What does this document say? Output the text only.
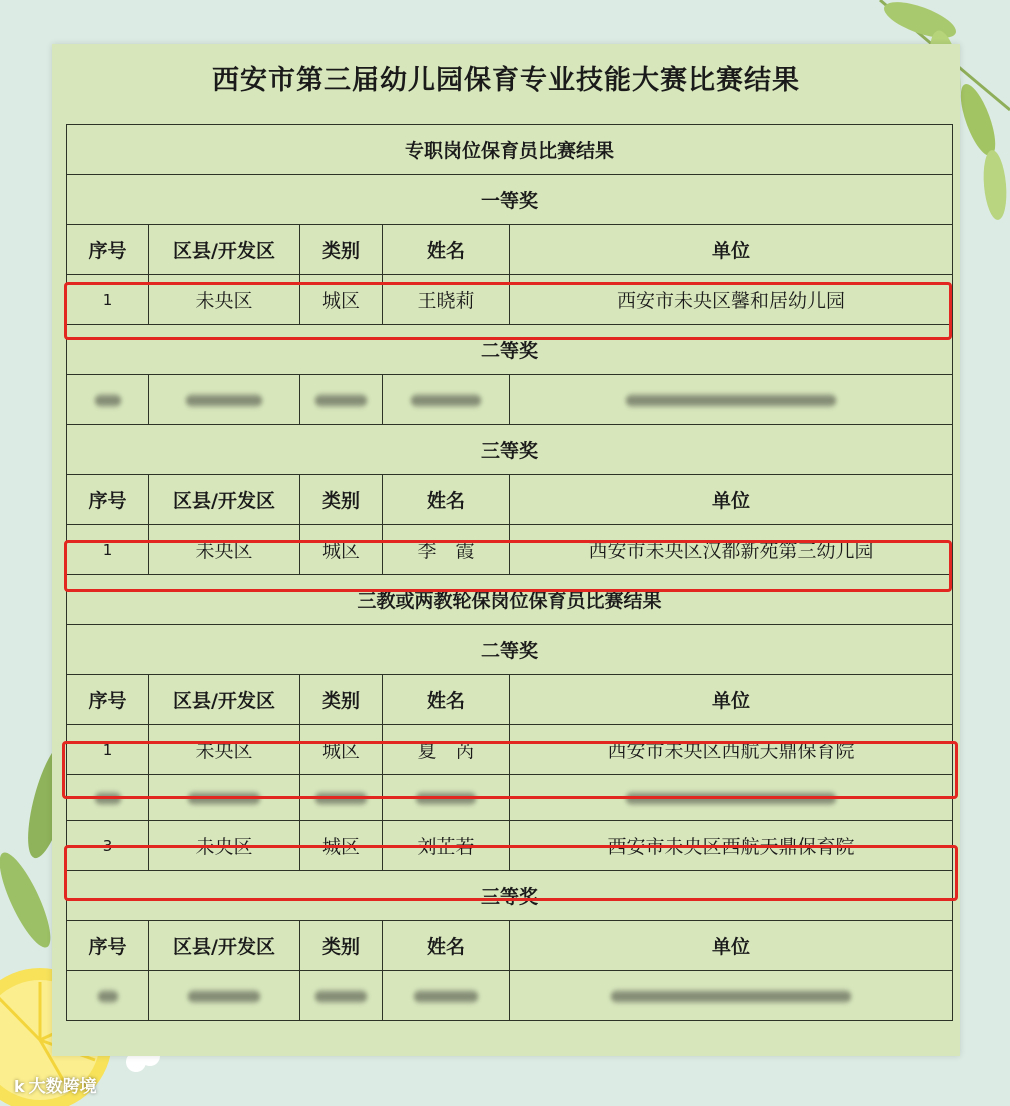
西安市第三届幼儿园保育专业技能大赛比赛结果
专职岗位保育员比赛结果				
一等奖				
序号	区县/开发区	类别	姓名	单位
1	未央区	城区	王晓莉	西安市未央区馨和居幼儿园
二等奖				

三等奖				
序号	区县/开发区	类别	姓名	单位
1	未央区	城区	李　霞	西安市未央区汉都新苑第三幼儿园
三教或两教轮保岗位保育员比赛结果				
二等奖				
序号	区县/开发区	类别	姓名	单位
1	未央区	城区	夏　芮	西安市未央区西航天鼎保育院

3	未央区	城区	刘芷若	西安市未央区西航天鼎保育院
三等奖				
序号	区县/开发区	类别	姓名	单位

k 大数跨境
